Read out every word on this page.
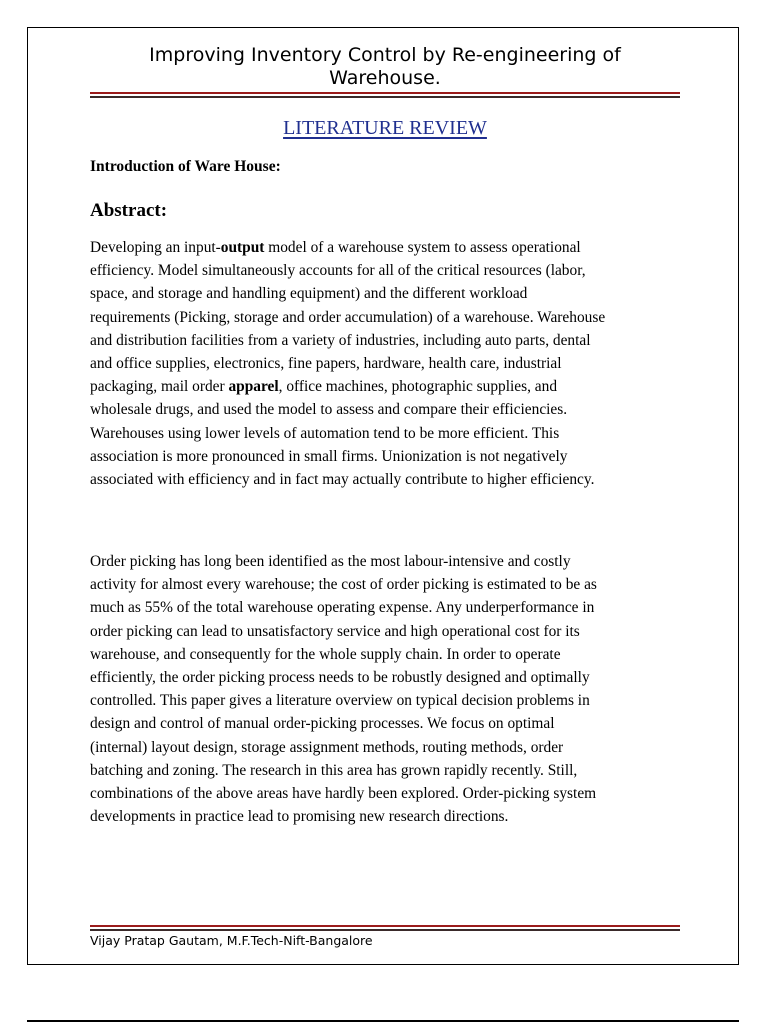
Improving Inventory Control by Re-engineering of
Warehouse.
LITERATURE REVIEW
Introduction of Ware House:
Abstract:

Developing an input-output model of a warehouse system to assess operational
efficiency. Model simultaneously accounts for all of the critical resources (labor,
space, and storage and handling equipment) and the different workload
requirements (Picking, storage and order accumulation) of a warehouse. Warehouse
and distribution facilities from a variety of industries, including auto parts, dental
and office supplies, electronics, fine papers, hardware, health care, industrial
packaging, mail order apparel, office machines, photographic supplies, and
wholesale drugs, and used the model to assess and compare their efficiencies.
Warehouses using lower levels of automation tend to be more efficient. This
association is more pronounced in small firms. Unionization is not negatively
associated with efficiency and in fact may actually contribute to higher efficiency.

Order picking has long been identified as the most labour-intensive and costly
activity for almost every warehouse; the cost of order picking is estimated to be as
much as 55% of the total warehouse operating expense. Any underperformance in
order picking can lead to unsatisfactory service and high operational cost for its
warehouse, and consequently for the whole supply chain. In order to operate
efficiently, the order picking process needs to be robustly designed and optimally
controlled. This paper gives a literature overview on typical decision problems in
design and control of manual order-picking processes. We focus on optimal
(internal) layout design, storage assignment methods, routing methods, order
batching and zoning. The research in this area has grown rapidly recently. Still,
combinations of the above areas have hardly been explored. Order-picking system
developments in practice lead to promising new research directions.

Vijay Pratap Gautam, M.F.Tech-Nift-Bangalore
